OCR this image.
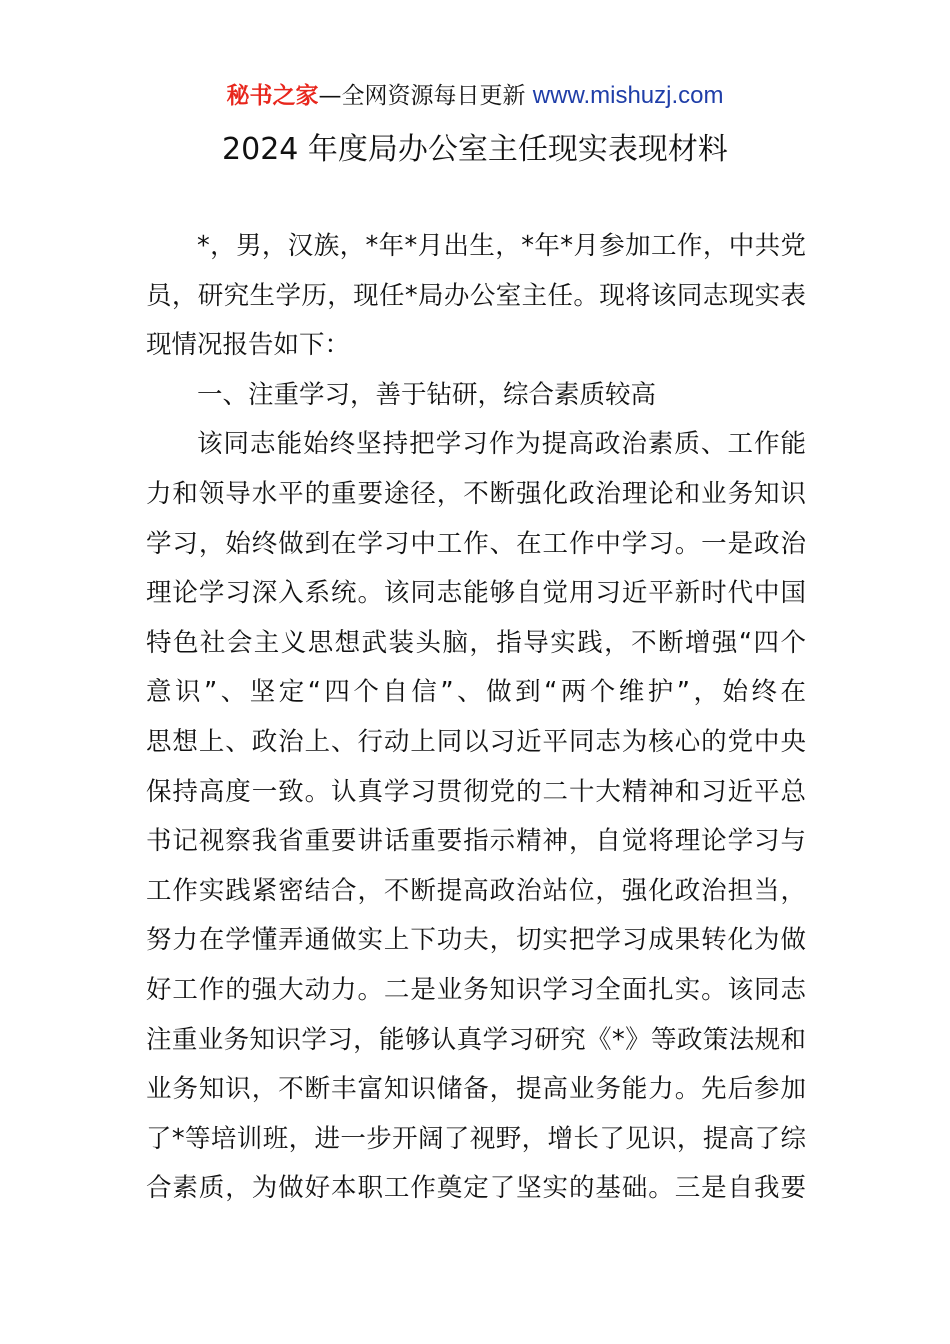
秘书之家—全网资源每日更新 www.mishuzj.com
2024 年度局办公室主任现实表现材料
*，男，汉族，*年*月出生，*年*月参加工作，中共党
员，研究生学历，现任*局办公室主任。现将该同志现实表
现情况报告如下：
一、注重学习，善于钻研，综合素质较高
该同志能始终坚持把学习作为提高政治素质、工作能
力和领导水平的重要途径，不断强化政治理论和业务知识
学习，始终做到在学习中工作、在工作中学习。一是政治
理论学习深入系统。该同志能够自觉用习近平新时代中国
特色社会主义思想武装头脑，指导实践，不断增强“四个
意识”、坚定“四个自信”、做到“两个维护”，始终在
思想上、政治上、行动上同以习近平同志为核心的党中央
保持高度一致。认真学习贯彻党的二十大精神和习近平总
书记视察我省重要讲话重要指示精神，自觉将理论学习与
工作实践紧密结合，不断提高政治站位，强化政治担当，
努力在学懂弄通做实上下功夫，切实把学习成果转化为做
好工作的强大动力。二是业务知识学习全面扎实。该同志
注重业务知识学习，能够认真学习研究《*》等政策法规和
业务知识，不断丰富知识储备，提高业务能力。先后参加
了*等培训班，进一步开阔了视野，增长了见识，提高了综
合素质，为做好本职工作奠定了坚实的基础。三是自我要
